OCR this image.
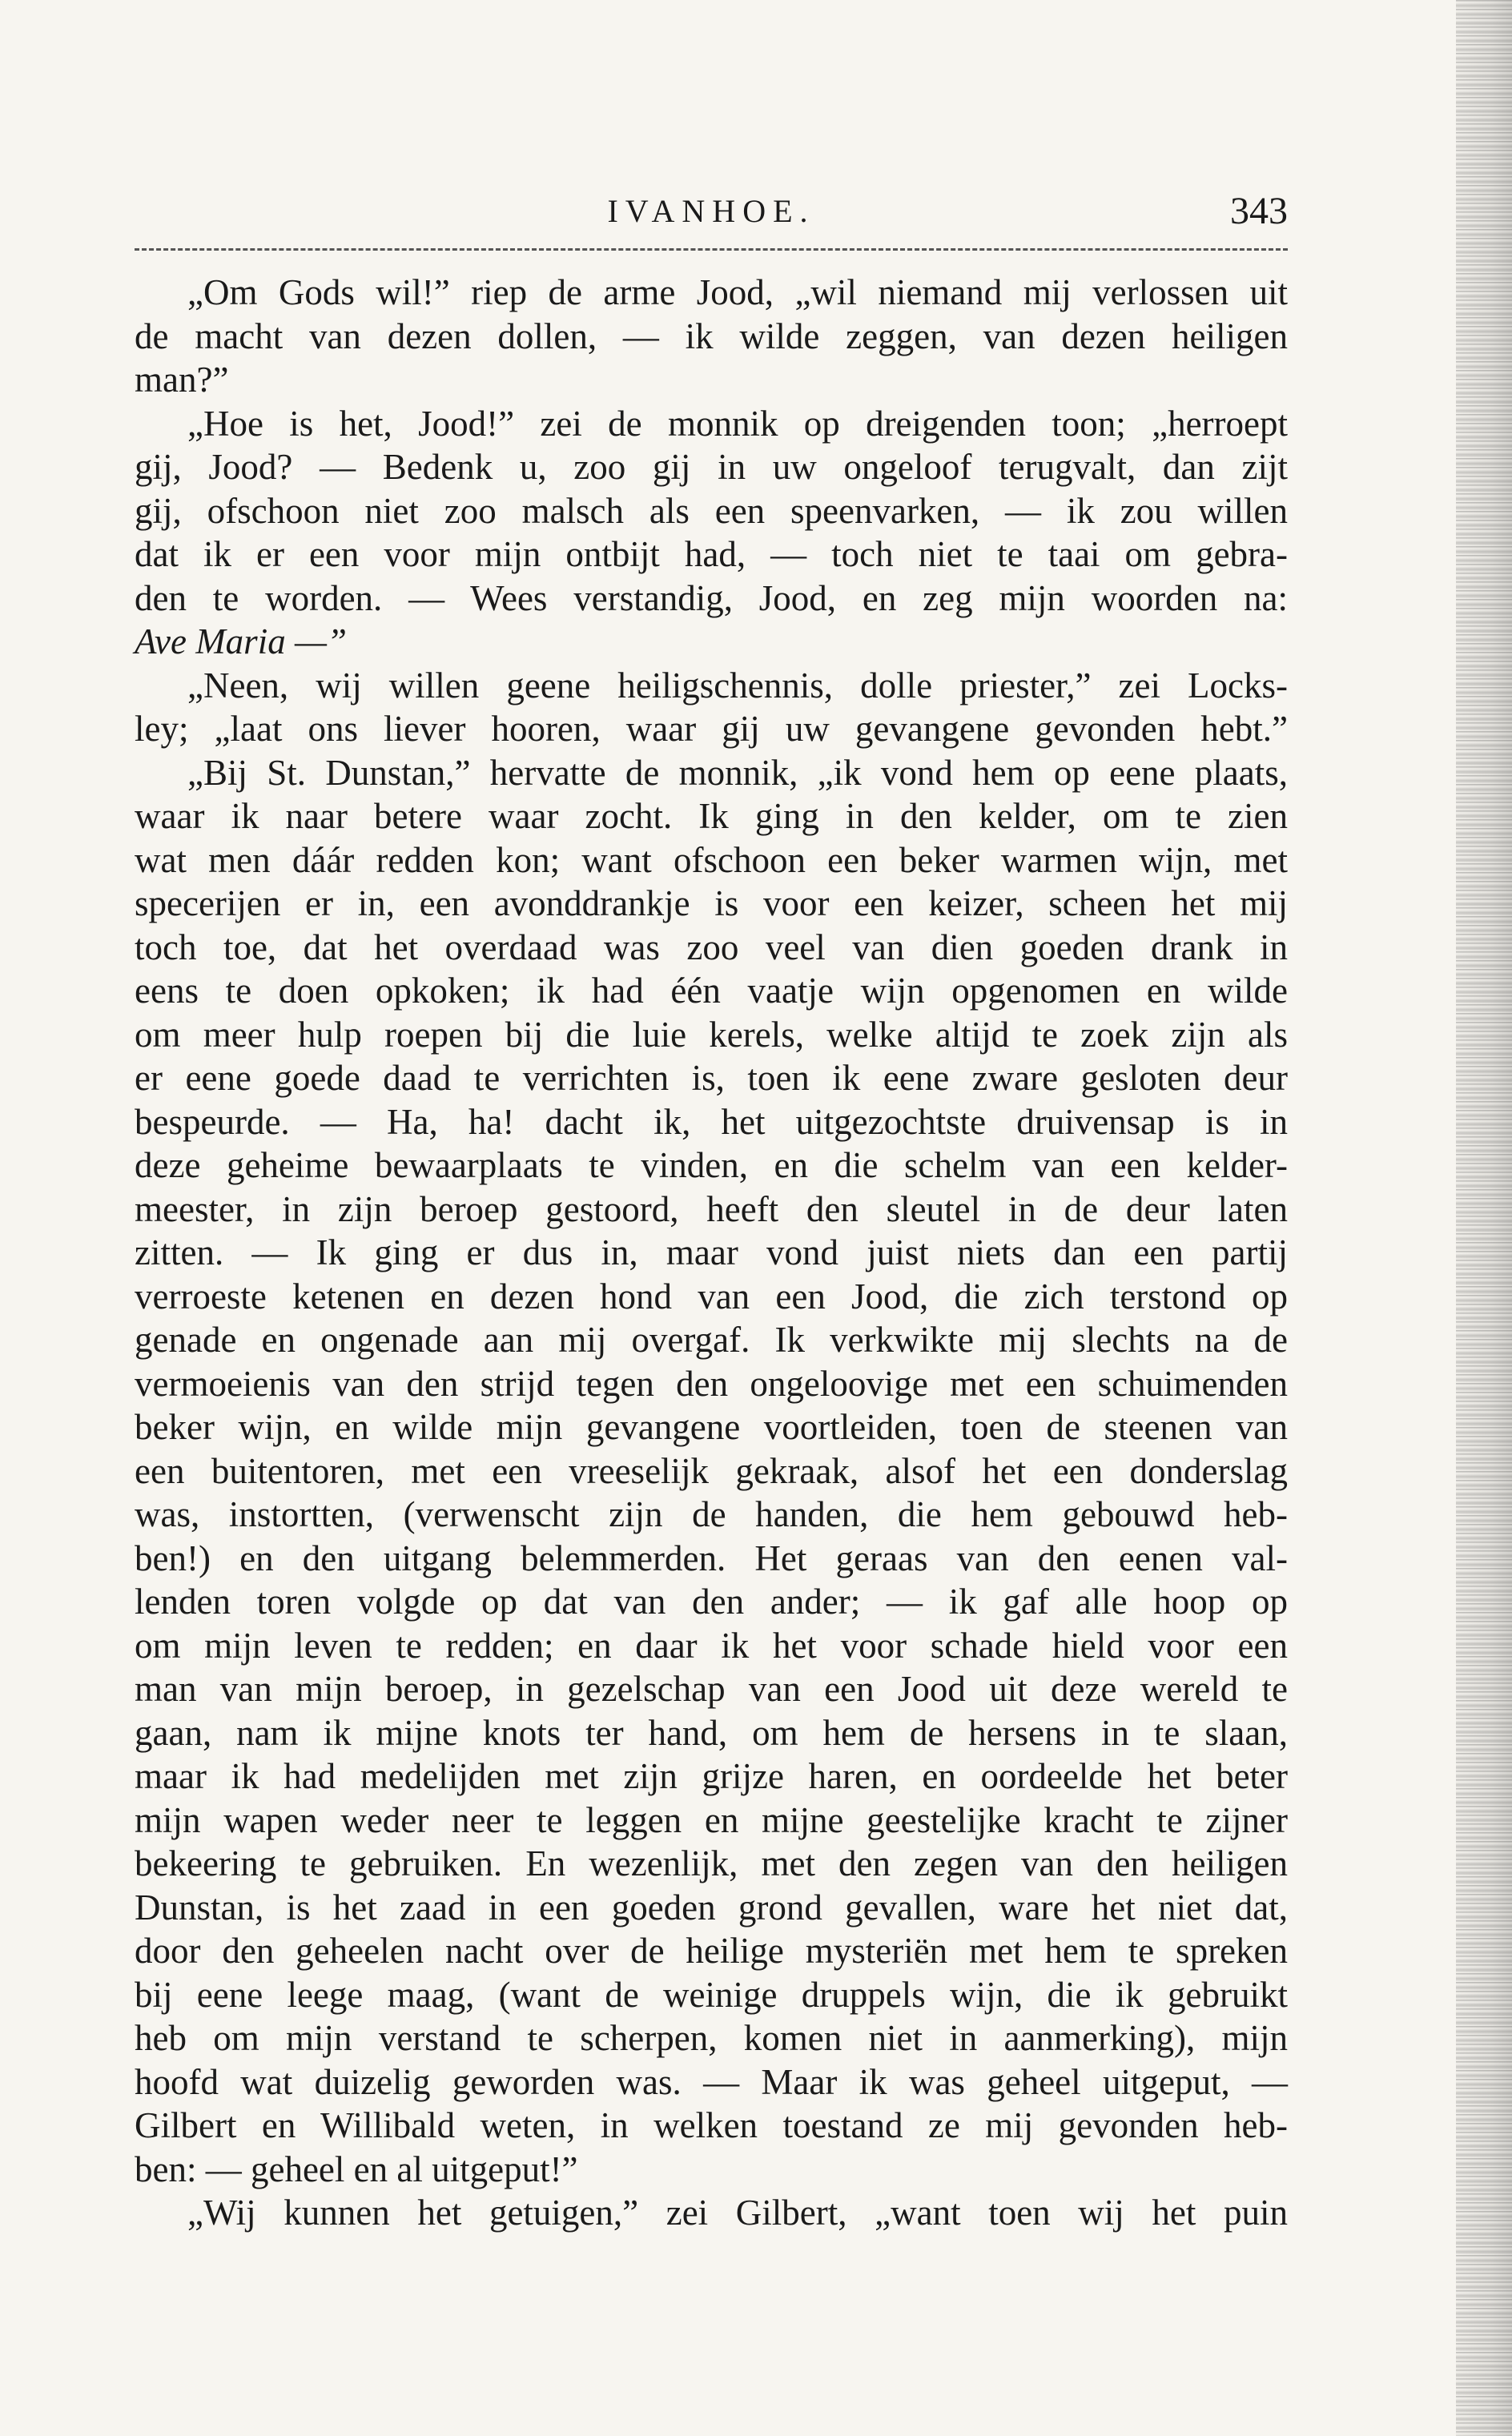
IVANHOE.	343
„Om Gods wil!” riep de arme Jood, „wil niemand mij verlossen uit
de macht van dezen dollen, — ik wilde zeggen, van dezen heiligen
man?”
„Hoe is het, Jood!” zei de monnik op dreigenden toon; „herroept
gij, Jood? — Bedenk u, zoo gij in uw ongeloof terugvalt, dan zijt
gij, ofschoon niet zoo malsch als een speenvarken, — ik zou willen
dat ik er een voor mijn ontbijt had, — toch niet te taai om gebra-
den te worden. — Wees verstandig, Jood, en zeg mijn woorden na:
Ave Maria —”
„Neen, wij willen geene heiligschennis, dolle priester,” zei Locks-
ley; „laat ons liever hooren, waar gij uw gevangene gevonden hebt.”
„Bij St. Dunstan,” hervatte de monnik, „ik vond hem op eene plaats,
waar ik naar betere waar zocht. Ik ging in den kelder, om te zien
wat men dáár redden kon; want ofschoon een beker warmen wijn, met
specerijen er in, een avonddrankje is voor een keizer, scheen het mij
toch toe, dat het overdaad was zoo veel van dien goeden drank in
eens te doen opkoken; ik had één vaatje wijn opgenomen en wilde
om meer hulp roepen bij die luie kerels, welke altijd te zoek zijn als
er eene goede daad te verrichten is, toen ik eene zware gesloten deur
bespeurde. — Ha, ha! dacht ik, het uitgezochtste druivensap is in
deze geheime bewaarplaats te vinden, en die schelm van een kelder-
meester, in zijn beroep gestoord, heeft den sleutel in de deur laten
zitten. — Ik ging er dus in, maar vond juist niets dan een partij
verroeste ketenen en dezen hond van een Jood, die zich terstond op
genade en ongenade aan mij overgaf. Ik verkwikte mij slechts na de
vermoeienis van den strijd tegen den ongeloovige met een schuimenden
beker wijn, en wilde mijn gevangene voortleiden, toen de steenen van
een buitentoren, met een vreeselijk gekraak, alsof het een donderslag
was, instortten, (verwenscht zijn de handen, die hem gebouwd heb-
ben!) en den uitgang belemmerden. Het geraas van den eenen val-
lenden toren volgde op dat van den ander; — ik gaf alle hoop op
om mijn leven te redden; en daar ik het voor schade hield voor een
man van mijn beroep, in gezelschap van een Jood uit deze wereld te
gaan, nam ik mijne knots ter hand, om hem de hersens in te slaan,
maar ik had medelijden met zijn grijze haren, en oordeelde het beter
mijn wapen weder neer te leggen en mijne geestelijke kracht te zijner
bekeering te gebruiken. En wezenlijk, met den zegen van den heiligen
Dunstan, is het zaad in een goeden grond gevallen, ware het niet dat,
door den geheelen nacht over de heilige mysteriën met hem te spreken
bij eene leege maag, (want de weinige druppels wijn, die ik gebruikt
heb om mijn verstand te scherpen, komen niet in aanmerking), mijn
hoofd wat duizelig geworden was. — Maar ik was geheel uitgeput, —
Gilbert en Willibald weten, in welken toestand ze mij gevonden heb-
ben: — geheel en al uitgeput!”
„Wij kunnen het getuigen,” zei Gilbert, „want toen wij het puin
